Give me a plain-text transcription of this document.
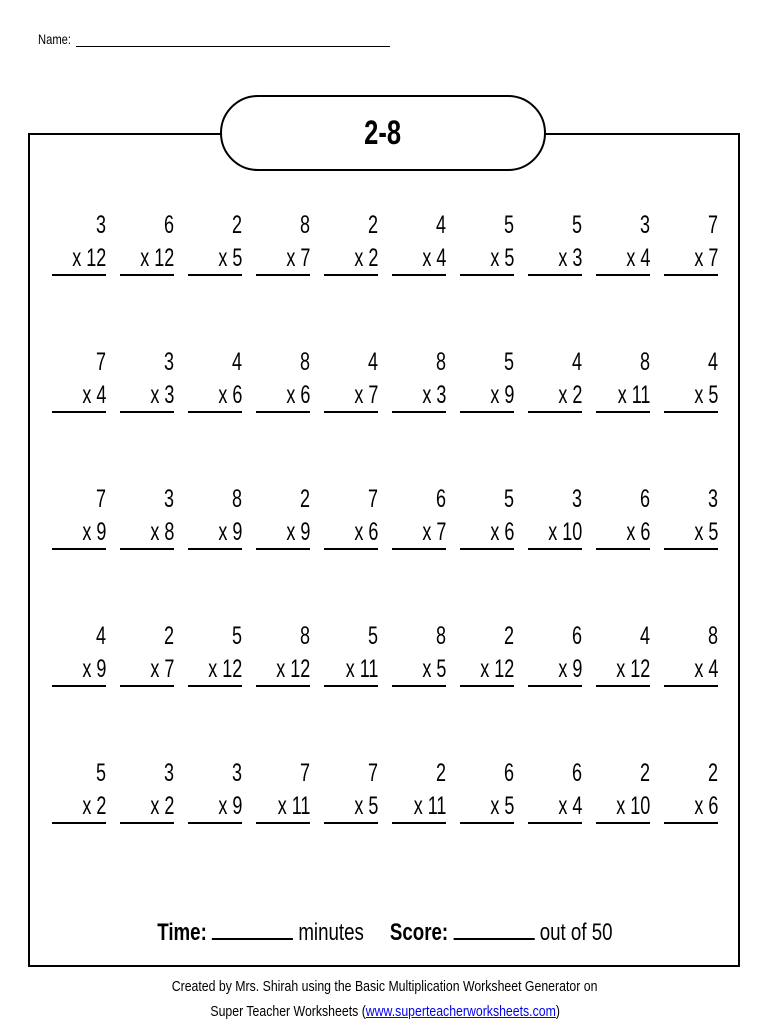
Name:
2-8
3
x 12
6
x 12
2
x 5
8
x 7
2
x 2
4
x 4
5
x 5
5
x 3
3
x 4
7
x 7
7
x 4
3
x 3
4
x 6
8
x 6
4
x 7
8
x 3
5
x 9
4
x 2
8
x 11
4
x 5
7
x 9
3
x 8
8
x 9
2
x 9
7
x 6
6
x 7
5
x 6
3
x 10
6
x 6
3
x 5
4
x 9
2
x 7
5
x 12
8
x 12
5
x 11
8
x 5
2
x 12
6
x 9
4
x 12
8
x 4
5
x 2
3
x 2
3
x 9
7
x 11
7
x 5
2
x 11
6
x 5
6
x 4
2
x 10
2
x 6
Time:	minutes Score:	out of 50
Created by Mrs. Shirah using the Basic Multiplication Worksheet Generator on
Super Teacher Worksheets (www.superteacherworksheets.com)
